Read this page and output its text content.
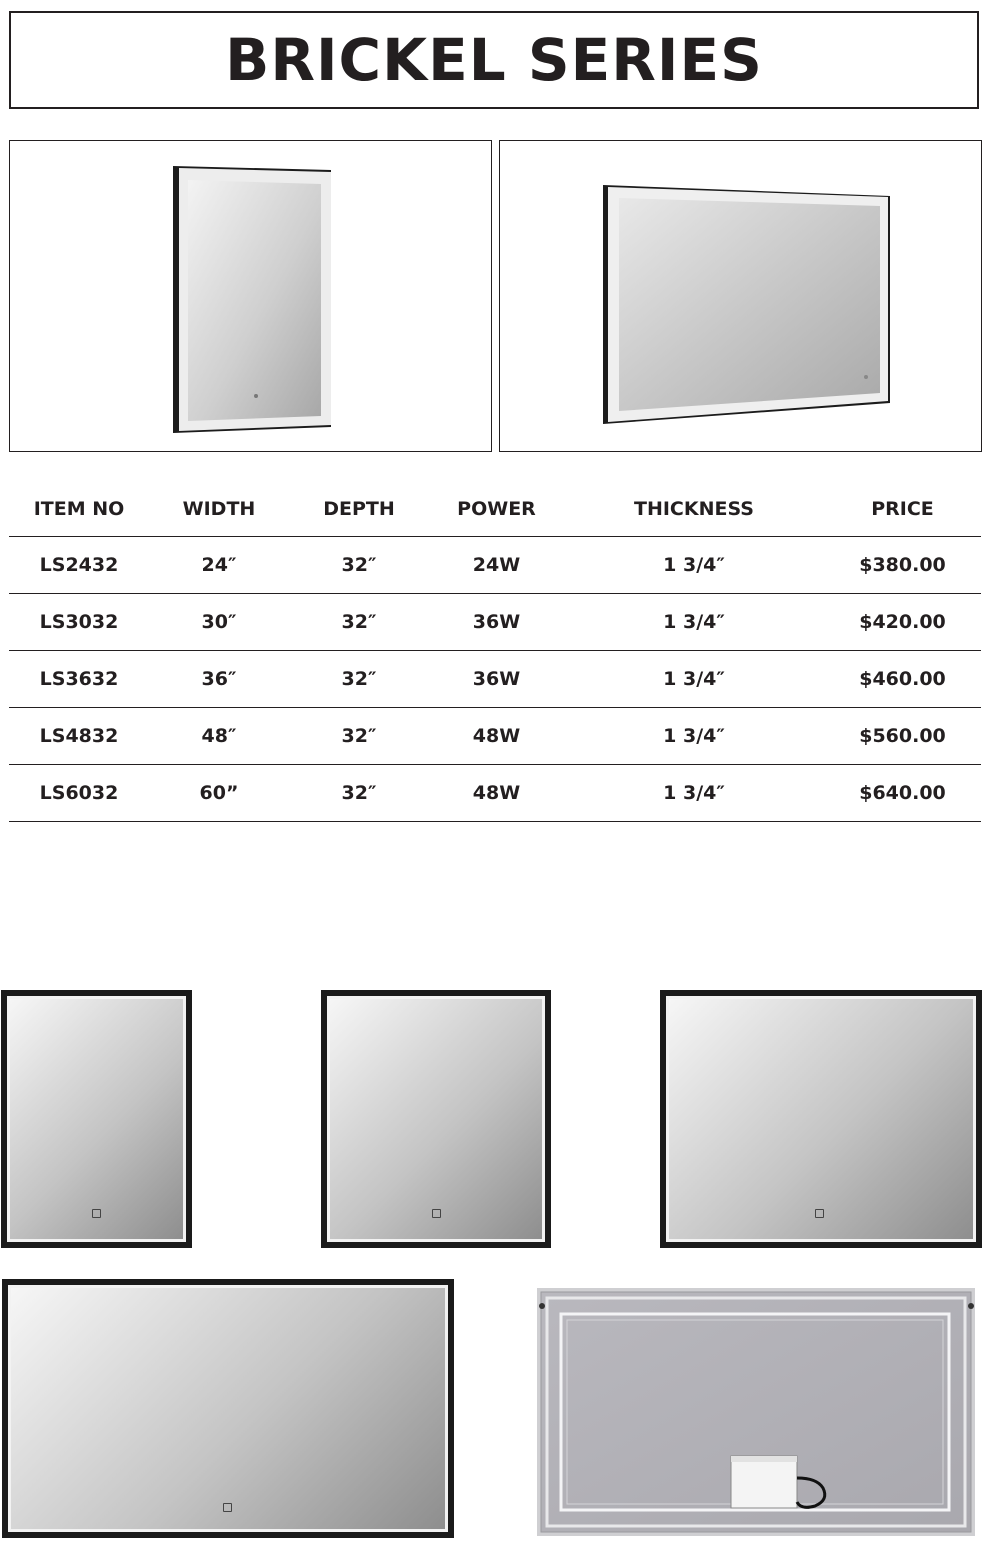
BRICKEL SERIES
ITEM NO	WIDTH	DEPTH	POWER	THICKNESS	PRICE
LS2432	24″	32″	24W	1 3/4″	$380.00
LS3032	30″	32″	36W	1 3/4″	$420.00
LS3632	36″	32″	36W	1 3/4″	$460.00
LS4832	48″	32″	48W	1 3/4″	$560.00
LS6032	60”	32″	48W	1 3/4″	$640.00
